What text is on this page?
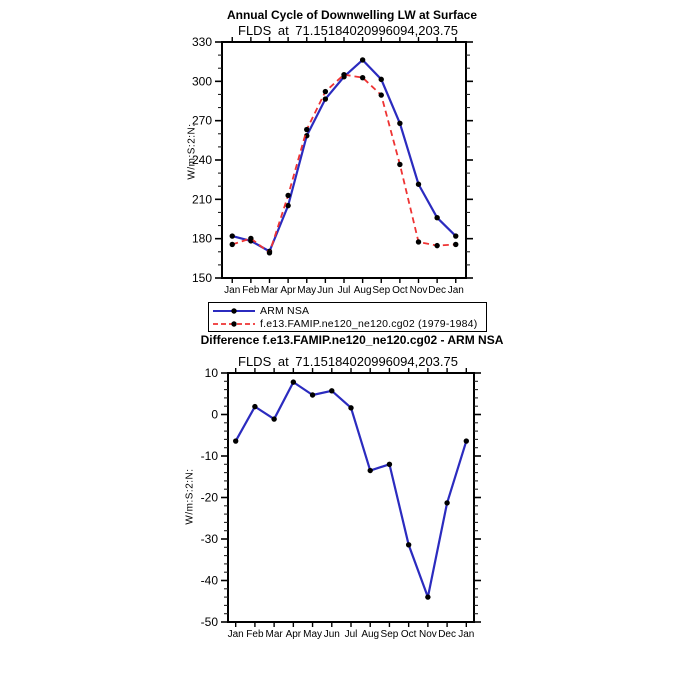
Annual Cycle of Downwelling LW at Surface
FLDS at 71.15184020996094,203.75
150
180
210
240
270
300
330
Jan Feb Mar Apr May Jun Jul Aug Sep Oct Nov Dec Jan
-50
-40
-30
-20
-10
0
10
Jan Feb Mar Apr May Jun Jul Aug Sep Oct Nov Dec Jan
W/m:S:2:N:
ARM NSA
f.e13.FAMIP.ne120_ne120.cg02 (1979-1984)
Difference f.e13.FAMIP.ne120_ne120.cg02 - ARM NSA
FLDS at 71.15184020996094,203.75
W/m:S:2:N:
